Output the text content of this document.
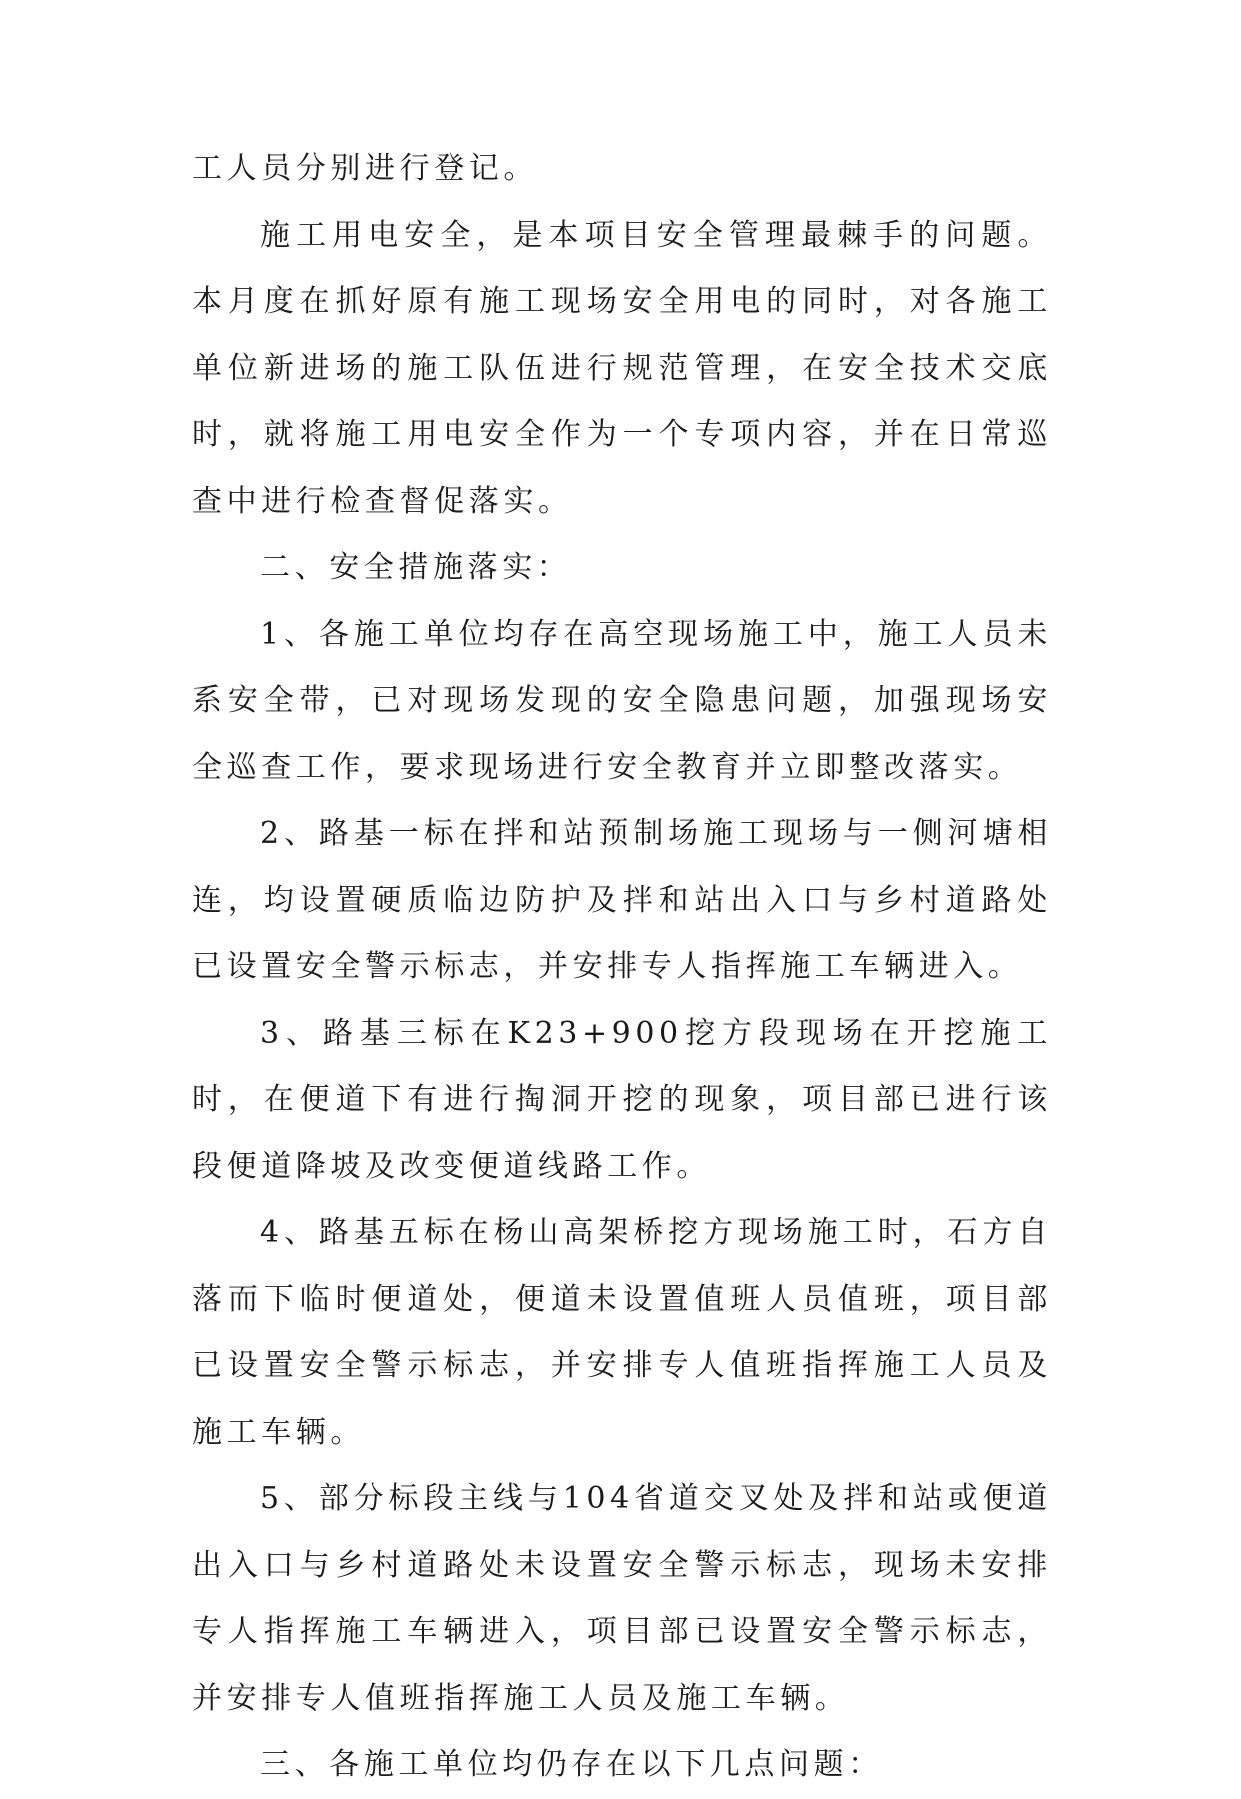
工人员分别进行登记。

施工用电安全，是本项目安全管理最棘手的问题。本月度在抓好原有施工现场安全用电的同时，对各施工单位新进场的施工队伍进行规范管理，在安全技术交底时，就将施工用电安全作为一个专项内容，并在日常巡查中进行检查督促落实。

二、安全措施落实：

1、各施工单位均存在高空现场施工中，施工人员未系安全带，已对现场发现的安全隐患问题，加强现场安全巡查工作，要求现场进行安全教育并立即整改落实。

2、路基一标在拌和站预制场施工现场与一侧河塘相连，均设置硬质临边防护及拌和站出入口与乡村道路处已设置安全警示标志，并安排专人指挥施工车辆进入。

3、路基三标在K23+900挖方段现场在开挖施工时，在便道下有进行掏洞开挖的现象，项目部已进行该段便道降坡及改变便道线路工作。

4、路基五标在杨山高架桥挖方现场施工时，石方自落而下临时便道处，便道未设置值班人员值班，项目部已设置安全警示标志，并安排专人值班指挥施工人员及施工车辆。

5、部分标段主线与104省道交叉处及拌和站或便道出入口与乡村道路处未设置安全警示标志，现场未安排专人指挥施工车辆进入，项目部已设置安全警示标志，并安排专人值班指挥施工人员及施工车辆。

三、各施工单位均仍存在以下几点问题：
